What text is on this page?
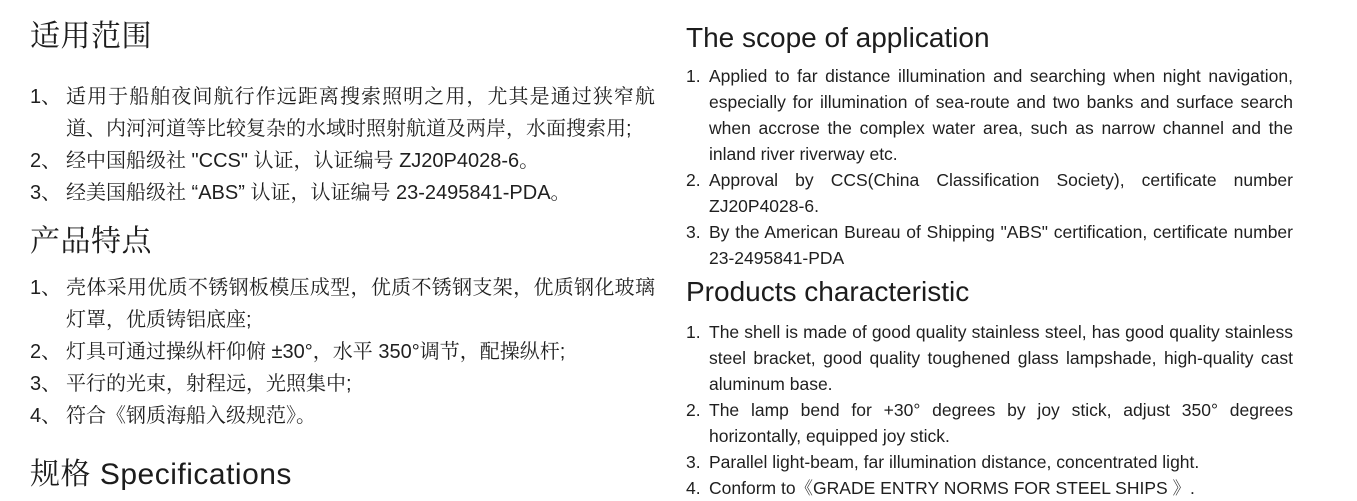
适用范围
1、 适用于船舶夜间航行作远距离搜索照明之用，尤其是通过狭窄航道、内河河道等比较复杂的水域时照射航道及两岸，水面搜索用;
2、 经中国船级社 "CCS" 认证，认证编号 ZJ20P4028-6。
3、 经美国船级社 “ABS” 认证，认证编号 23-2495841-PDA。
产品特点
1、 壳体采用优质不锈钢板模压成型，优质不锈钢支架，优质钢化玻璃灯罩，优质铸铝底座;
2、 灯具可通过操纵杆仰俯 ±30°，水平 350°调节，配操纵杆;
3、 平行的光束，射程远，光照集中;
4、 符合《钢质海船入级规范》。
规格 Specifications
The scope of application
1. Applied to far distance illumination and searching when night navigation, especially for illumination of sea-route and two banks and surface search when accrose the complex water area, such as narrow channel and the inland river riverway etc.
2. Approval by CCS(China Classification Society), certificate number ZJ20P4028-6.
3. By the American Bureau of Shipping "ABS" certification, certificate number 23-2495841-PDA
Products characteristic
1. The shell is made of good quality stainless steel, has good quality stainless steel bracket, good quality toughened glass lampshade, high-quality cast aluminum base.
2. The lamp bend for +30° degrees by joy stick, adjust 350° degrees horizontally, equipped joy stick.
3. Parallel light-beam, far illumination distance, concentrated light.
4. Conform to《GRADE ENTRY NORMS FOR STEEL SHIPS 》.
